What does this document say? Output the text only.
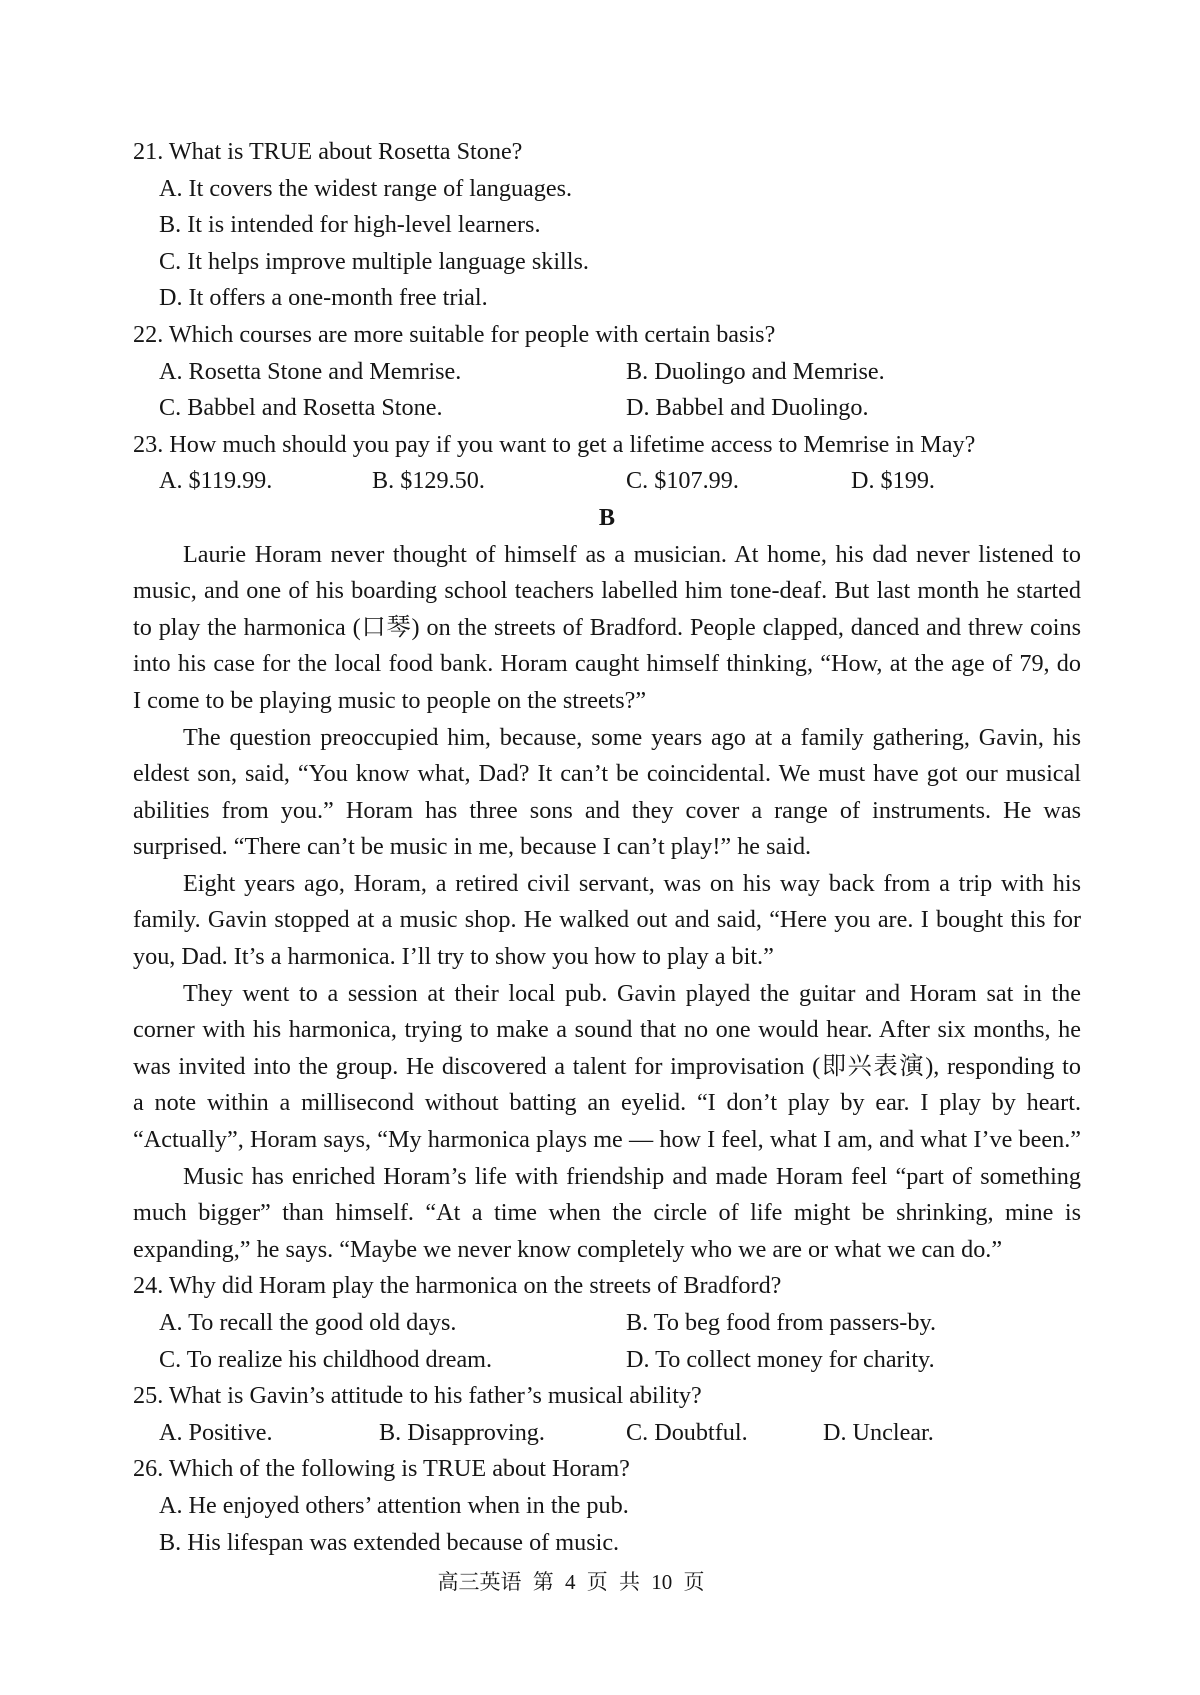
21. What is TRUE about Rosetta Stone?
A. It covers the widest range of languages.
B. It is intended for high-level learners.
C. It helps improve multiple language skills.
D. It offers a one-month free trial.
22. Which courses are more suitable for people with certain basis?
A. Rosetta Stone and Memrise.	B. Duolingo and Memrise.
C. Babbel and Rosetta Stone.	D. Babbel and Duolingo.
23. How much should you pay if you want to get a lifetime access to Memrise in May?
A. $119.99.	B. $129.50.	C. $107.99.	D. $199.
B
Laurie Horam never thought of himself as a musician. At home, his dad never listened to
music, and one of his boarding school teachers labelled him tone-deaf. But last month he started
to play the harmonica (口琴) on the streets of Bradford. People clapped, danced and threw coins
into his case for the local food bank. Horam caught himself thinking, “How, at the age of 79, do
I come to be playing music to people on the streets?”
The question preoccupied him, because, some years ago at a family gathering, Gavin, his
eldest son, said, “You know what, Dad? It can’t be coincidental. We must have got our musical
abilities from you.” Horam has three sons and they cover a range of instruments. He was
surprised. “There can’t be music in me, because I can’t play!” he said.
Eight years ago, Horam, a retired civil servant, was on his way back from a trip with his
family. Gavin stopped at a music shop. He walked out and said, “Here you are. I bought this for
you, Dad. It’s a harmonica. I’ll try to show you how to play a bit.”
They went to a session at their local pub. Gavin played the guitar and Horam sat in the
corner with his harmonica, trying to make a sound that no one would hear. After six months, he
was invited into the group. He discovered a talent for improvisation (即兴表演), responding to
a note within a millisecond without batting an eyelid. “I don’t play by ear. I play by heart.
“Actually”, Horam says, “My harmonica plays me — how I feel, what I am, and what I’ve been.”
Music has enriched Horam’s life with friendship and made Horam feel “part of something
much bigger” than himself. “At a time when the circle of life might be shrinking, mine is
expanding,” he says. “Maybe we never know completely who we are or what we can do.”
24. Why did Horam play the harmonica on the streets of Bradford?
A. To recall the good old days.	B. To beg food from passers-by.
C. To realize his childhood dream.	D. To collect money for charity.
25. What is Gavin’s attitude to his father’s musical ability?
A. Positive.	B. Disapproving.	C. Doubtful.	D. Unclear.
26. Which of the following is TRUE about Horam?
A. He enjoyed others’ attention when in the pub.
B. His lifespan was extended because of music.
高三英语 第 4 页 共 10 页
